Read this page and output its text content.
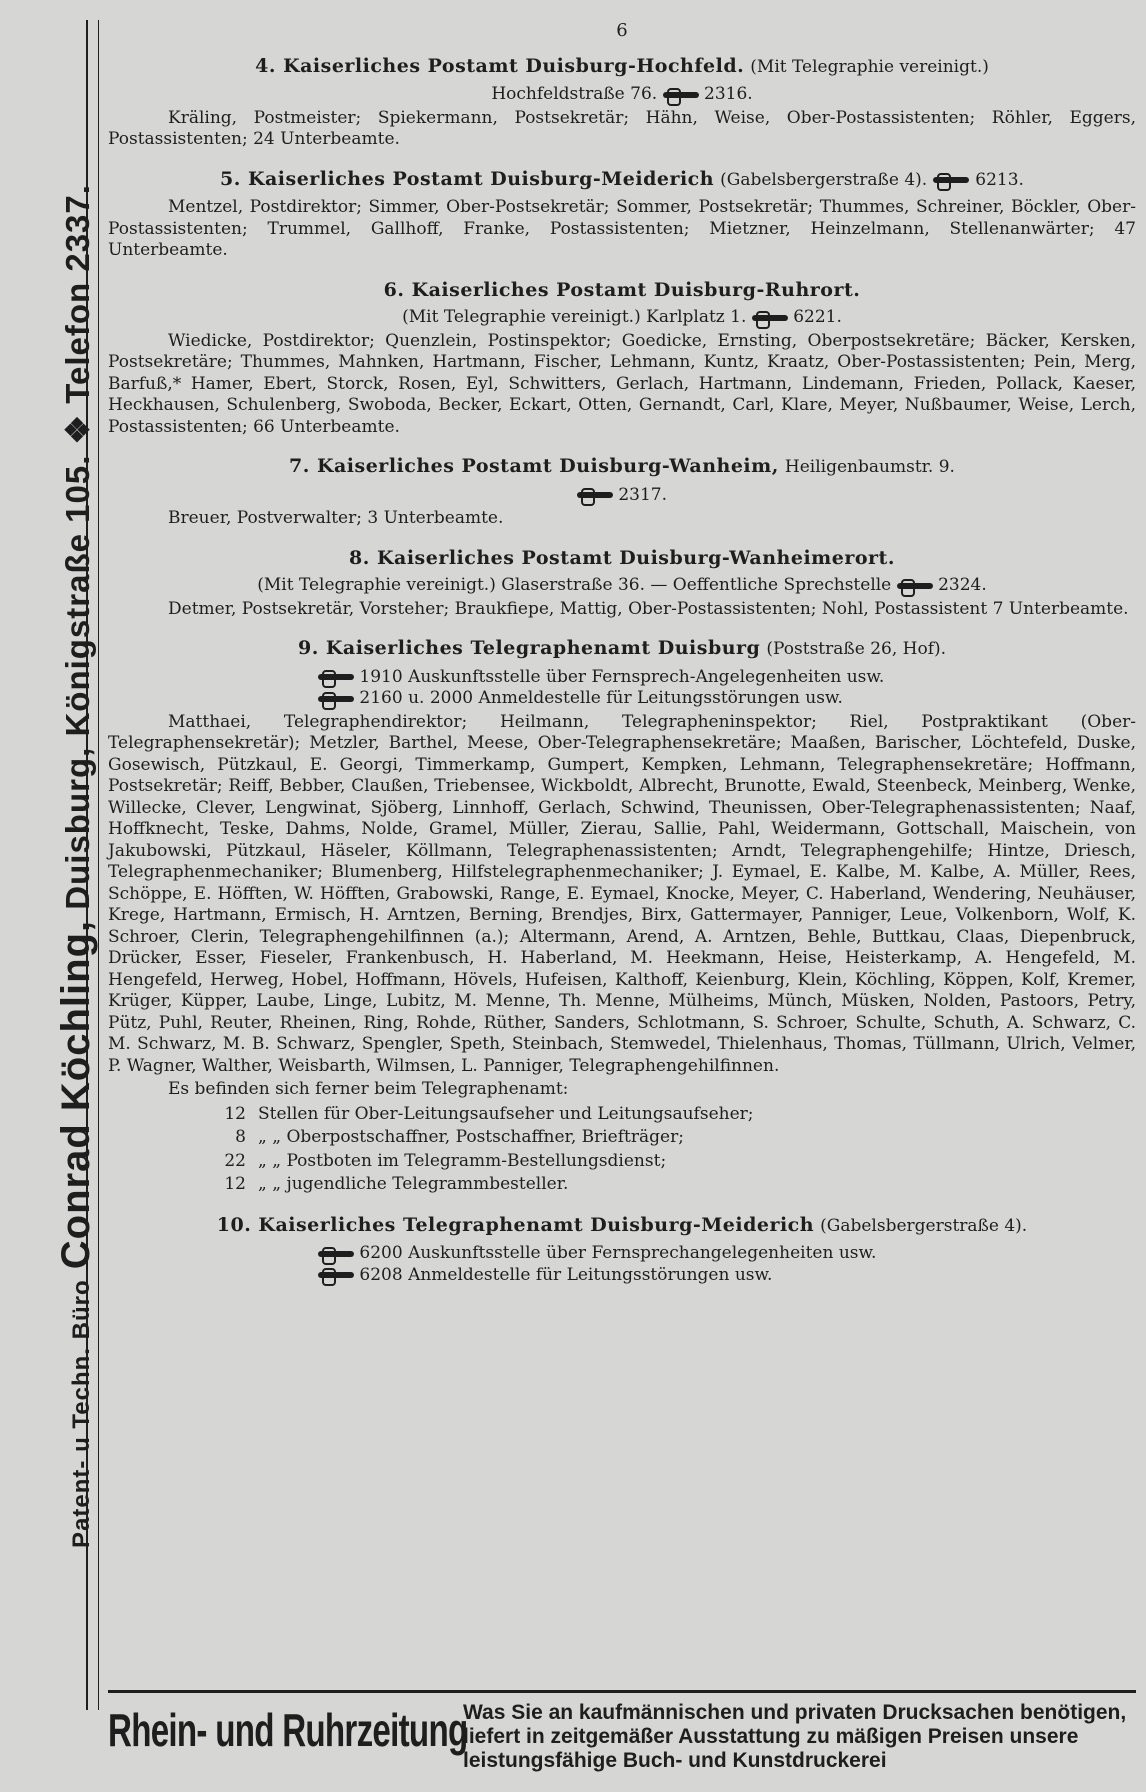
Patent- u Techn. Büro Conrad Köchling, Duisburg, Königstraße 105. ❖ Telefon 2337.
6
4. Kaiserliches Postamt Duisburg-Hochfeld. (Mit Telegraphie vereinigt.)
Hochfeldstraße 76.	2316.
Kräling, Postmeister; Spiekermann, Postsekretär; Hähn, Weise, Ober-Postassistenten; Röhler, Eggers, Postassistenten; 24 Unterbeamte.
5. Kaiserliches Postamt Duisburg-Meiderich (Gabelsbergerstraße 4).	6213.
Mentzel, Postdirektor; Simmer, Ober-Postsekretär; Sommer, Postsekretär; Thummes, Schreiner, Böckler, Ober-Postassistenten; Trummel, Gallhoff, Franke, Postassistenten; Mietzner, Heinzelmann, Stellenanwärter; 47 Unterbeamte.
6. Kaiserliches Postamt Duisburg-Ruhrort.
(Mit Telegraphie vereinigt.) Karlplatz 1.	6221.
Wiedicke, Postdirektor; Quenzlein, Postinspektor; Goedicke, Ernsting, Oberpostsekretäre; Bäcker, Kersken, Postsekretäre; Thummes, Mahnken, Hartmann, Fischer, Lehmann, Kuntz, Kraatz, Ober-Postassistenten; Pein, Merg, Barfuß,* Hamer, Ebert, Storck, Rosen, Eyl, Schwitters, Gerlach, Hartmann, Lindemann, Frieden, Pollack, Kaeser, Heckhausen, Schulenberg, Swoboda, Becker, Eckart, Otten, Gernandt, Carl, Klare, Meyer, Nußbaumer, Weise, Lerch, Postassistenten; 66 Unterbeamte.
7. Kaiserliches Postamt Duisburg-Wanheim, Heiligenbaumstr. 9.
2317.
Breuer, Postverwalter; 3 Unterbeamte.
8. Kaiserliches Postamt Duisburg-Wanheimerort.
(Mit Telegraphie vereinigt.) Glaserstraße 36. — Oeffentliche Sprechstelle	2324.
Detmer, Postsekretär, Vorsteher; Braukfiepe, Mattig, Ober-Postassistenten; Nohl, Postassistent 7 Unterbeamte.
9. Kaiserliches Telegraphenamt Duisburg (Poststraße 26, Hof).
1910 Auskunftsstelle über Fernsprech-Angelegenheiten usw.
2160 u. 2000 Anmeldestelle für Leitungsstörungen usw.
Matthaei, Telegraphendirektor; Heilmann, Telegrapheninspektor; Riel, Postpraktikant (Ober-Telegraphensekretär); Metzler, Barthel, Meese, Ober-Telegraphensekretäre; Maaßen, Barischer, Löchtefeld, Duske, Gosewisch, Pützkaul, E. Georgi, Timmerkamp, Gumpert, Kempken, Lehmann, Telegraphensekretäre; Hoffmann, Postsekretär; Reiff, Bebber, Claußen, Triebensee, Wickboldt, Albrecht, Brunotte, Ewald, Steenbeck, Meinberg, Wenke, Willecke, Clever, Lengwinat, Sjöberg, Linnhoff, Gerlach, Schwind, Theunissen, Ober-Telegraphenassistenten; Naaf, Hoffknecht, Teske, Dahms, Nolde, Gramel, Müller, Zierau, Sallie, Pahl, Weidermann, Gottschall, Maischein, von Jakubowski, Pützkaul, Häseler, Köllmann, Telegraphenassistenten; Arndt, Telegraphengehilfe; Hintze, Driesch, Telegraphenmechaniker; Blumenberg, Hilfstelegraphenmechaniker; J. Eymael, E. Kalbe, M. Kalbe, A. Müller, Rees, Schöppe, E. Höfften, W. Höfften, Grabowski, Range, E. Eymael, Knocke, Meyer, C. Haberland, Wendering, Neuhäuser, Krege, Hartmann, Ermisch, H. Arntzen, Berning, Brendjes, Birx, Gattermayer, Panniger, Leue, Volkenborn, Wolf, K. Schroer, Clerin, Telegraphengehilfinnen (a.); Altermann, Arend, A. Arntzen, Behle, Buttkau, Claas, Diepenbruck, Drücker, Esser, Fieseler, Frankenbusch, H. Haberland, M. Heekmann, Heise, Heisterkamp, A. Hengefeld, M. Hengefeld, Herweg, Hobel, Hoffmann, Hövels, Hufeisen, Kalthoff, Keienburg, Klein, Köchling, Köppen, Kolf, Kremer, Krüger, Küpper, Laube, Linge, Lubitz, M. Menne, Th. Menne, Mülheims, Münch, Müsken, Nolden, Pastoors, Petry, Pütz, Puhl, Reuter, Rheinen, Ring, Rohde, Rüther, Sanders, Schlotmann, S. Schroer, Schulte, Schuth, A. Schwarz, C. M. Schwarz, M. B. Schwarz, Spengler, Speth, Steinbach, Stemwedel, Thielenhaus, Thomas, Tüllmann, Ulrich, Velmer, P. Wagner, Walther, Weisbarth, Wilmsen, L. Panniger, Telegraphengehilfinnen.
Es befinden sich ferner beim Telegraphenamt:
12	Stellen für Ober-Leitungsaufseher und Leitungsaufseher;
8	„ „ Oberpostschaffner, Postschaffner, Briefträger;
22	„ „ Postboten im Telegramm-Bestellungsdienst;
12	„ „ jugendliche Telegrammbesteller.
10. Kaiserliches Telegraphenamt Duisburg-Meiderich (Gabelsbergerstraße 4).
6200 Auskunftsstelle über Fernsprechangelegenheiten usw.
6208 Anmeldestelle für Leitungsstörungen usw.
Rhein- und Ruhrzeitung
Was Sie an kaufmännischen und privaten Drucksachen benötigen, liefert in zeitgemäßer Ausstattung zu mäßigen Preisen unsere leistungsfähige Buch- und Kunstdruckerei
